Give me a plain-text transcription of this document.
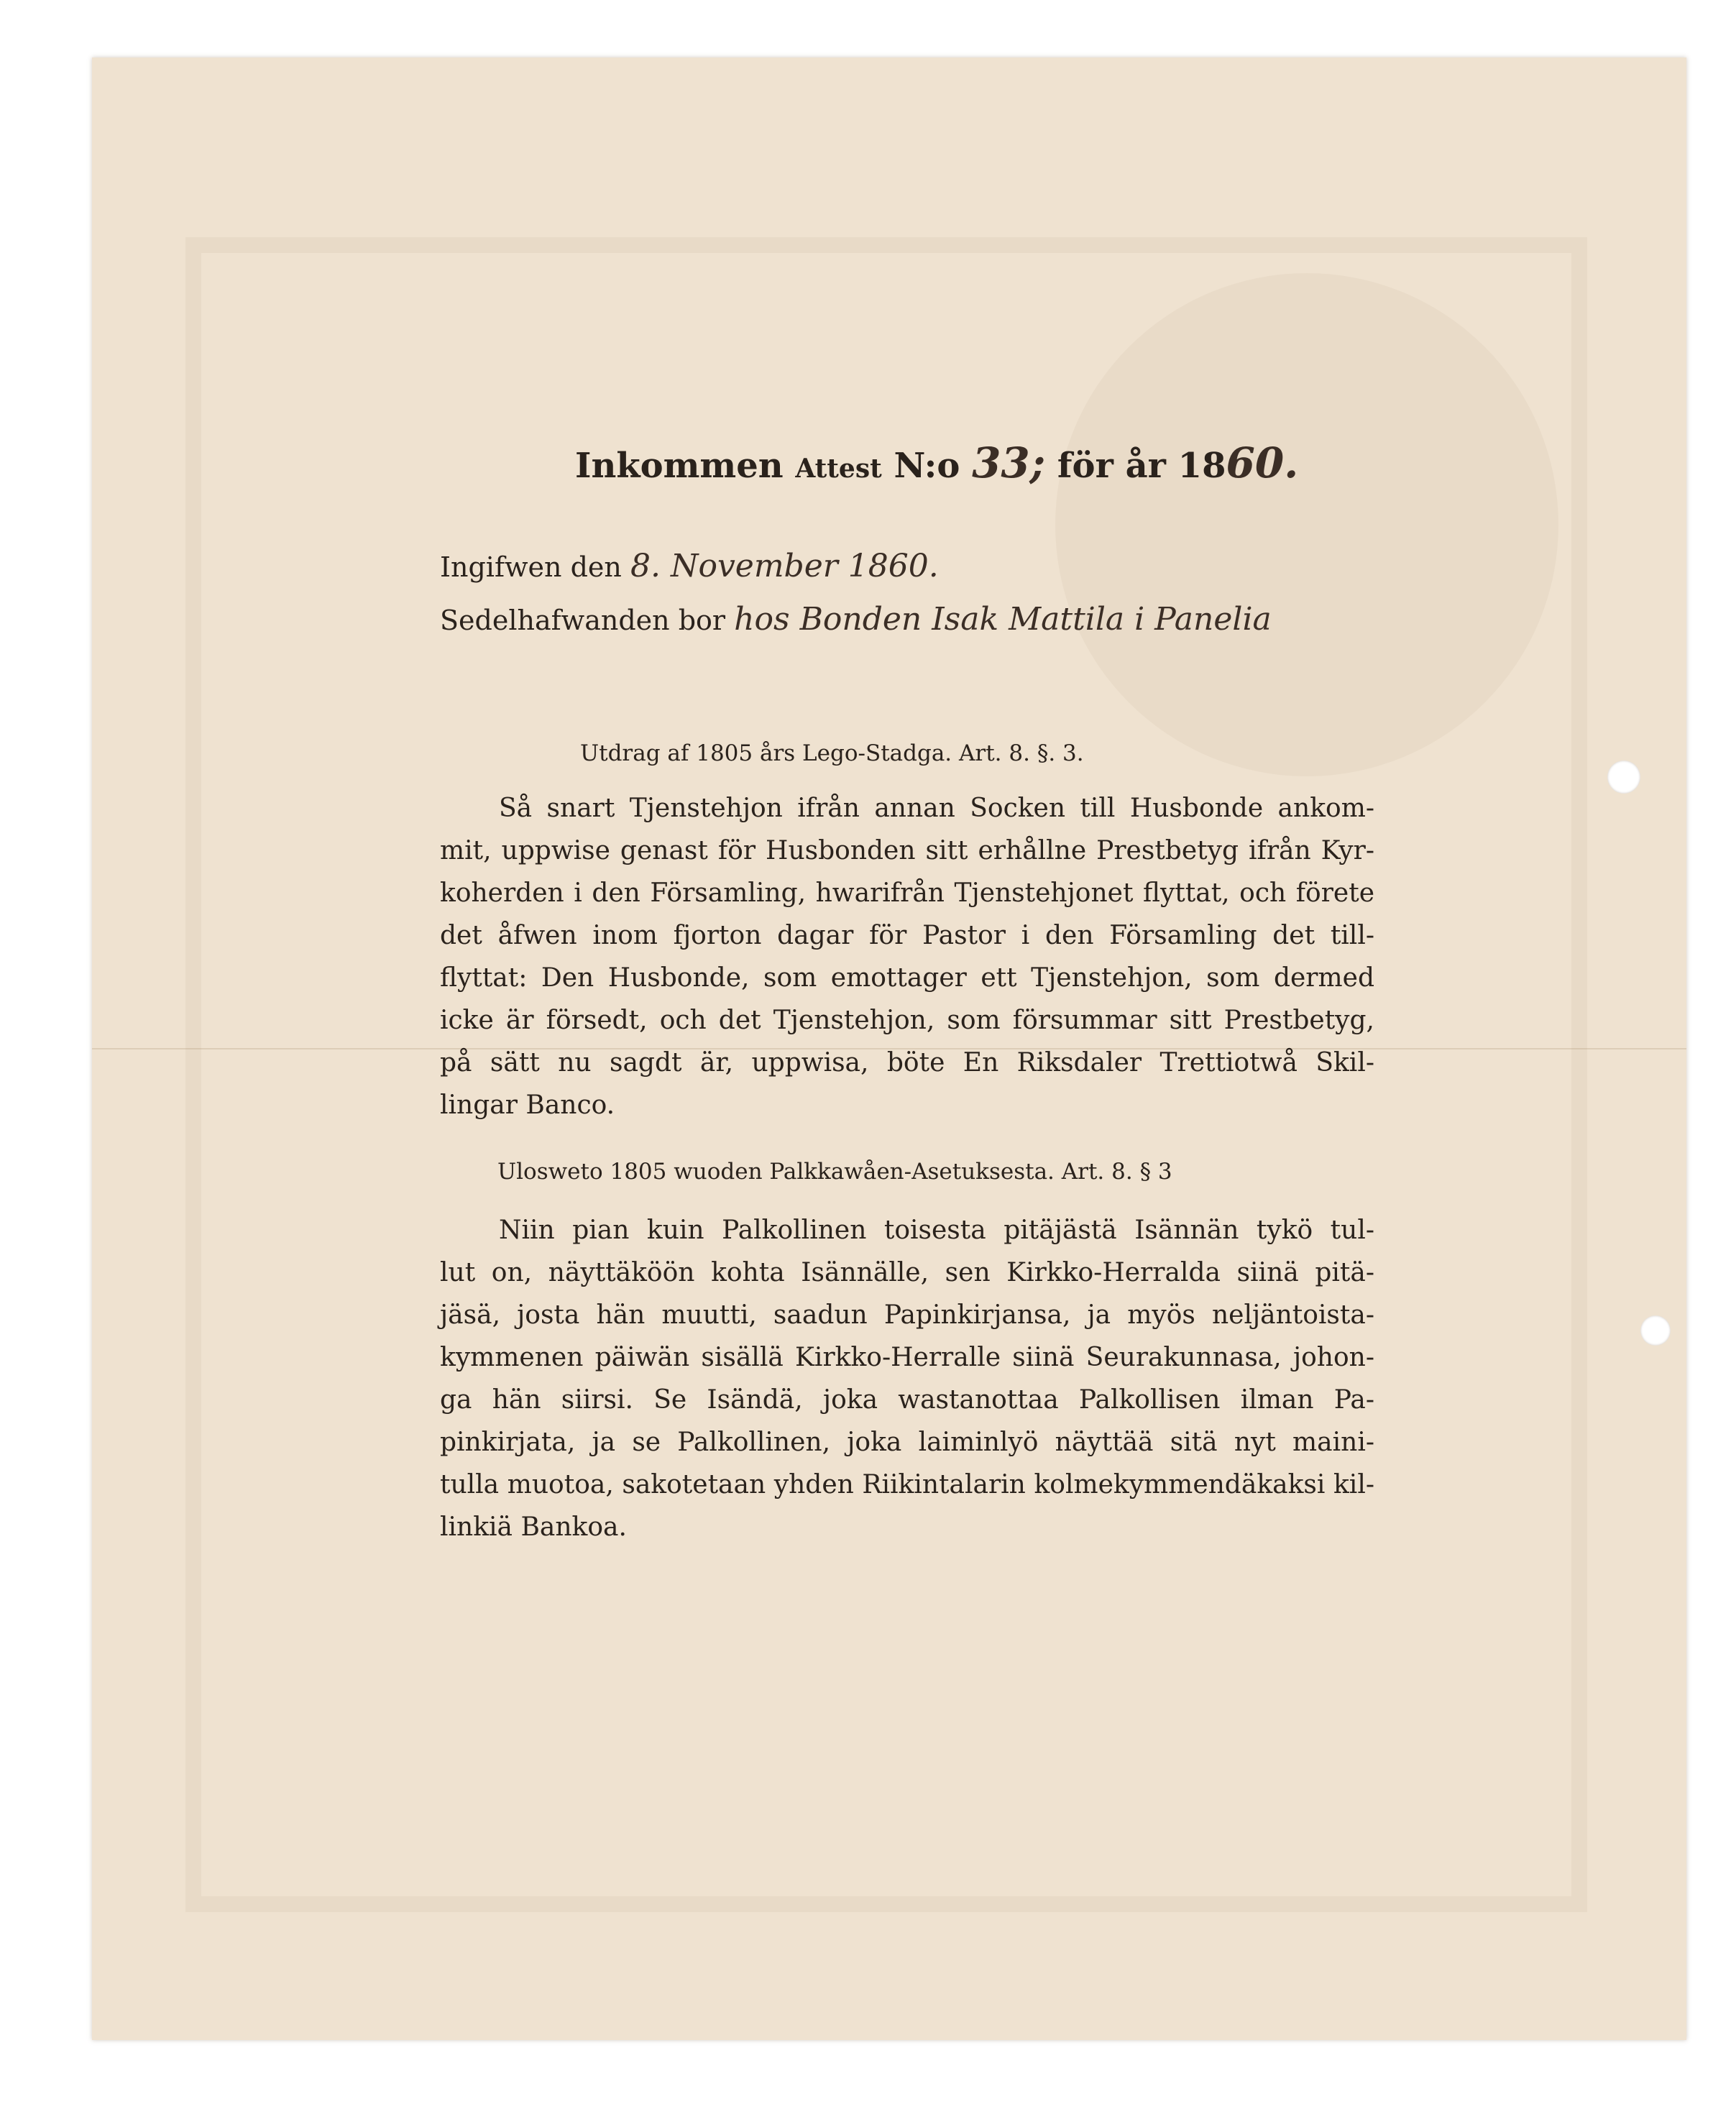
Inkommen Attest N:o 33; för år 1860.
Ingifwen den 8. November 1860.
Sedelhafwanden bor hos Bonden Isak Mattila i Panelia
Utdrag af 1805 års Lego-Stadga. Art. 8. §. 3.
Så snart Tjenstehjon ifrån annan Socken till Husbonde ankom-
mit, uppwise genast för Husbonden sitt erhållne Prestbetyg ifrån Kyr-
koherden i den Församling, hwarifrån Tjenstehjonet flyttat, och förete
det åfwen inom fjorton dagar för Pastor i den Församling det till-
flyttat: Den Husbonde, som emottager ett Tjenstehjon, som dermed
icke är försedt, och det Tjenstehjon, som försummar sitt Prestbetyg,
på sätt nu sagdt är, uppwisa, böte En Riksdaler Trettiotwå Skil-
lingar Banco.
Ulosweto 1805 wuoden Palkkawåen-Asetuksesta. Art. 8. § 3
Niin pian kuin Palkollinen toisesta pitäjästä Isännän tykö tul-
lut on, näyttäköön kohta Isännälle, sen Kirkko-Herralda siinä pitä-
jäsä, josta hän muutti, saadun Papinkirjansa, ja myös neljäntoista-
kymmenen päiwän sisällä Kirkko-Herralle siinä Seurakunnasa, johon-
ga hän siirsi. Se Isändä, joka wastanottaa Palkollisen ilman Pa-
pinkirjata, ja se Palkollinen, joka laiminlyö näyttää sitä nyt maini-
tulla muotoa, sakotetaan yhden Riikintalarin kolmekymmendäkaksi kil-
linkiä Bankoa.
